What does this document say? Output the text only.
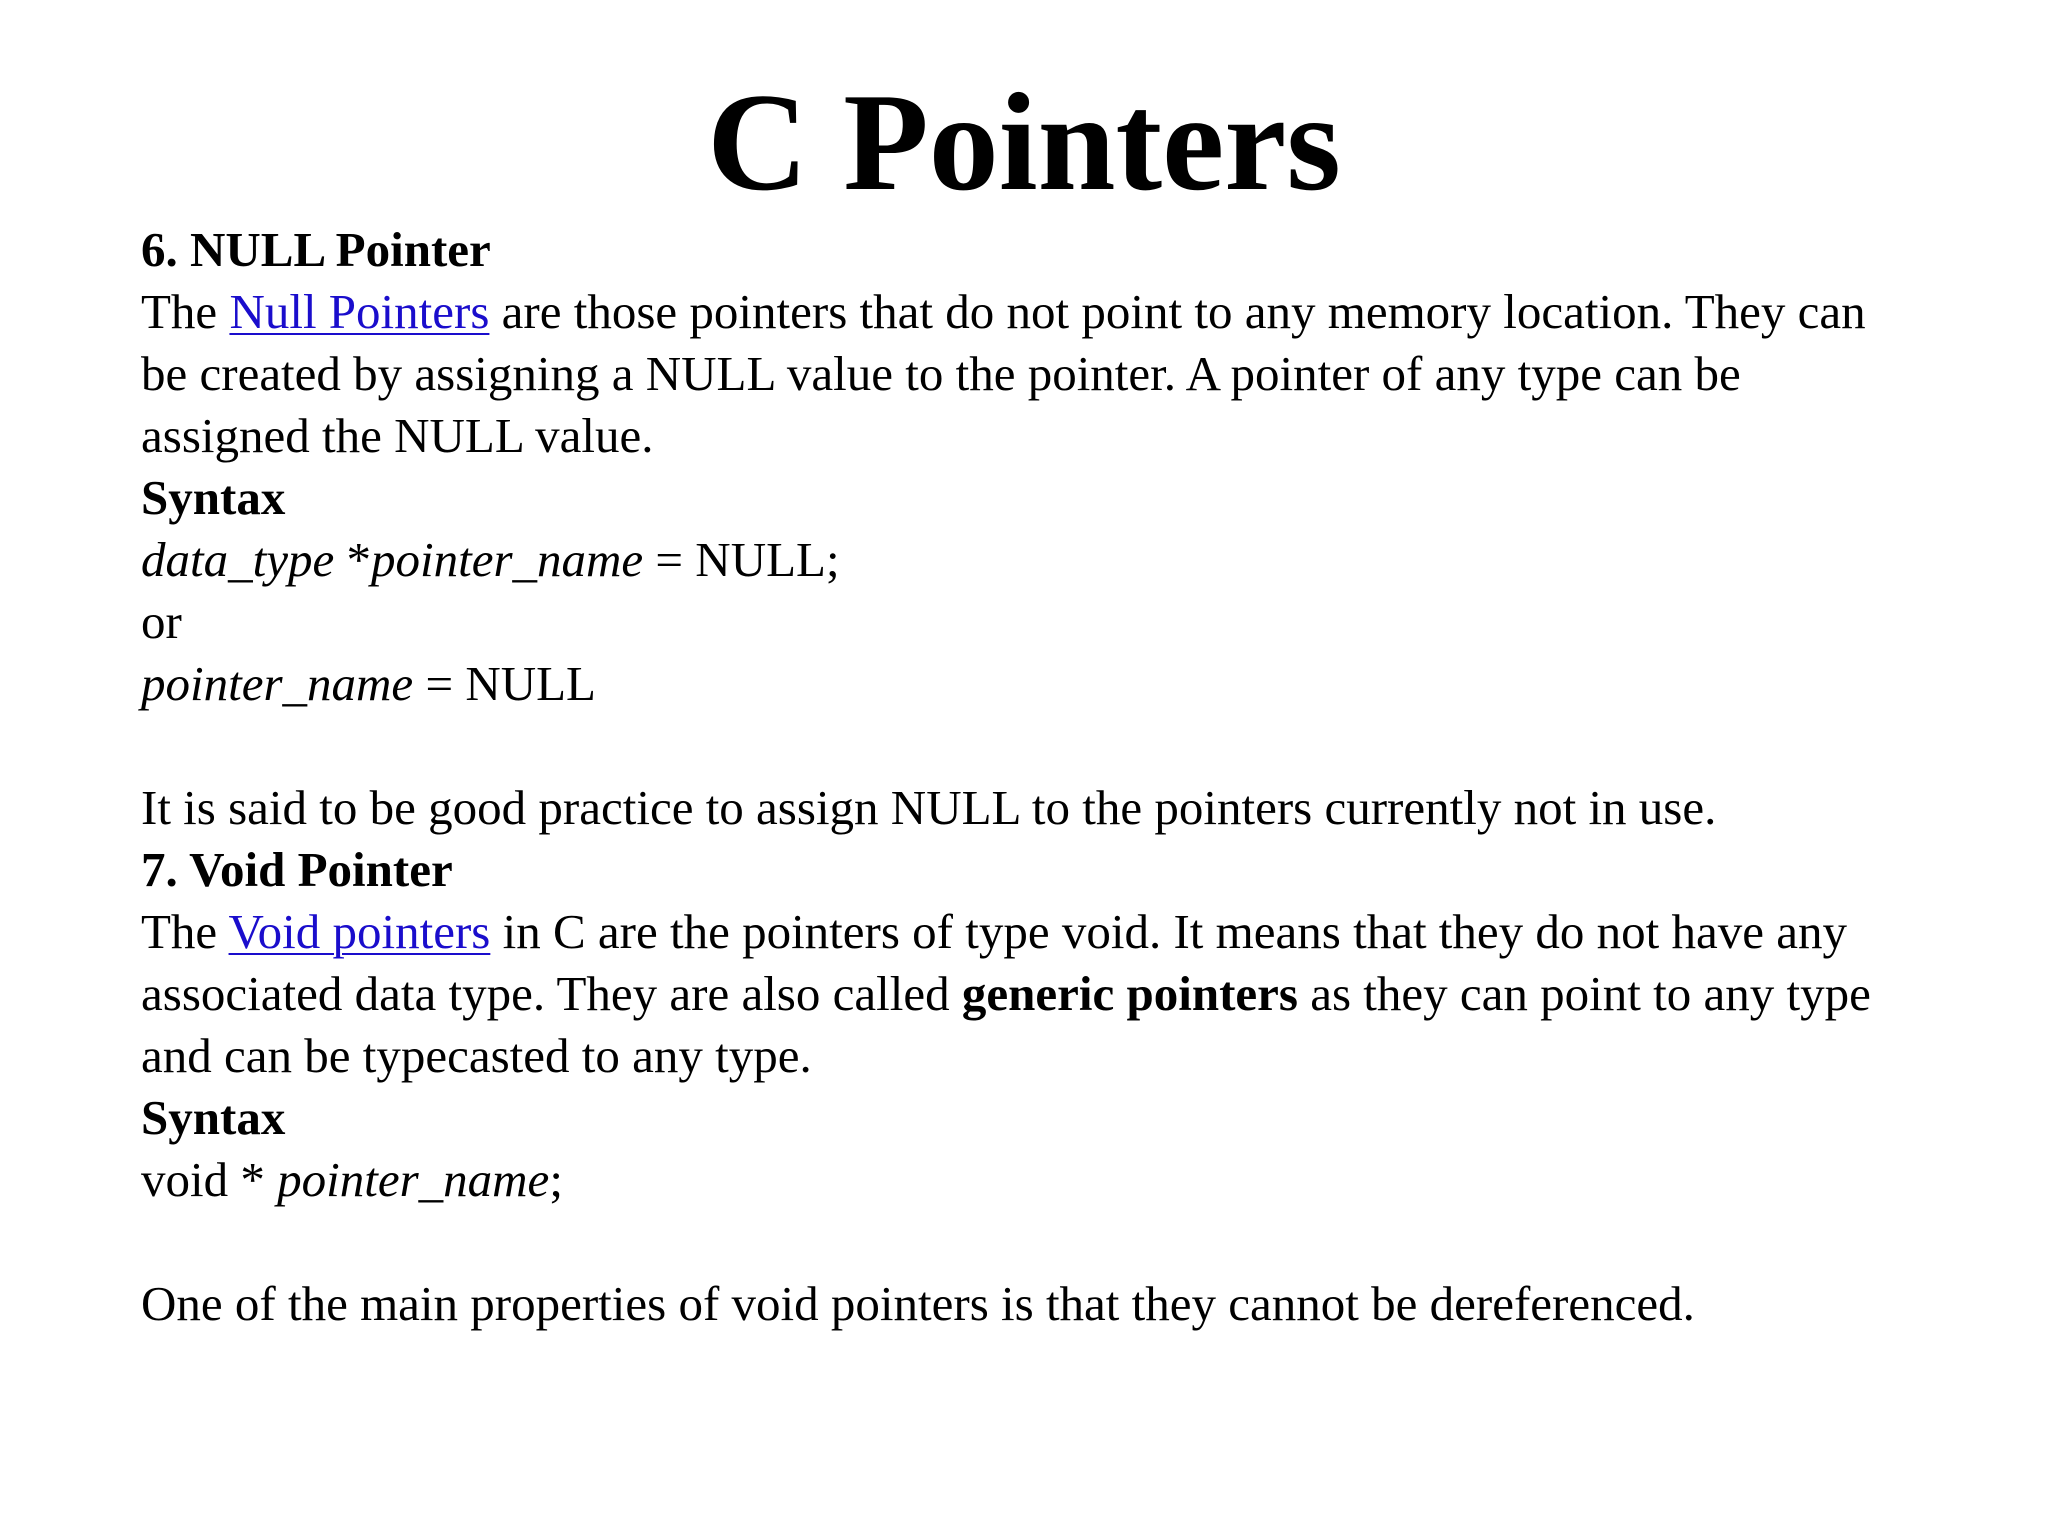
C Pointers
6. NULL Pointer
The Null Pointers are those pointers that do not point to any memory location. They can
be created by assigning a NULL value to the pointer. A pointer of any type can be
assigned the NULL value.
Syntax
data_type *pointer_name = NULL;
or
pointer_name = NULL
It is said to be good practice to assign NULL to the pointers currently not in use.
7. Void Pointer
The Void pointers in C are the pointers of type void. It means that they do not have any
associated data type. They are also called generic pointers as they can point to any type
and can be typecasted to any type.
Syntax
void * pointer_name;
One of the main properties of void pointers is that they cannot be dereferenced.
